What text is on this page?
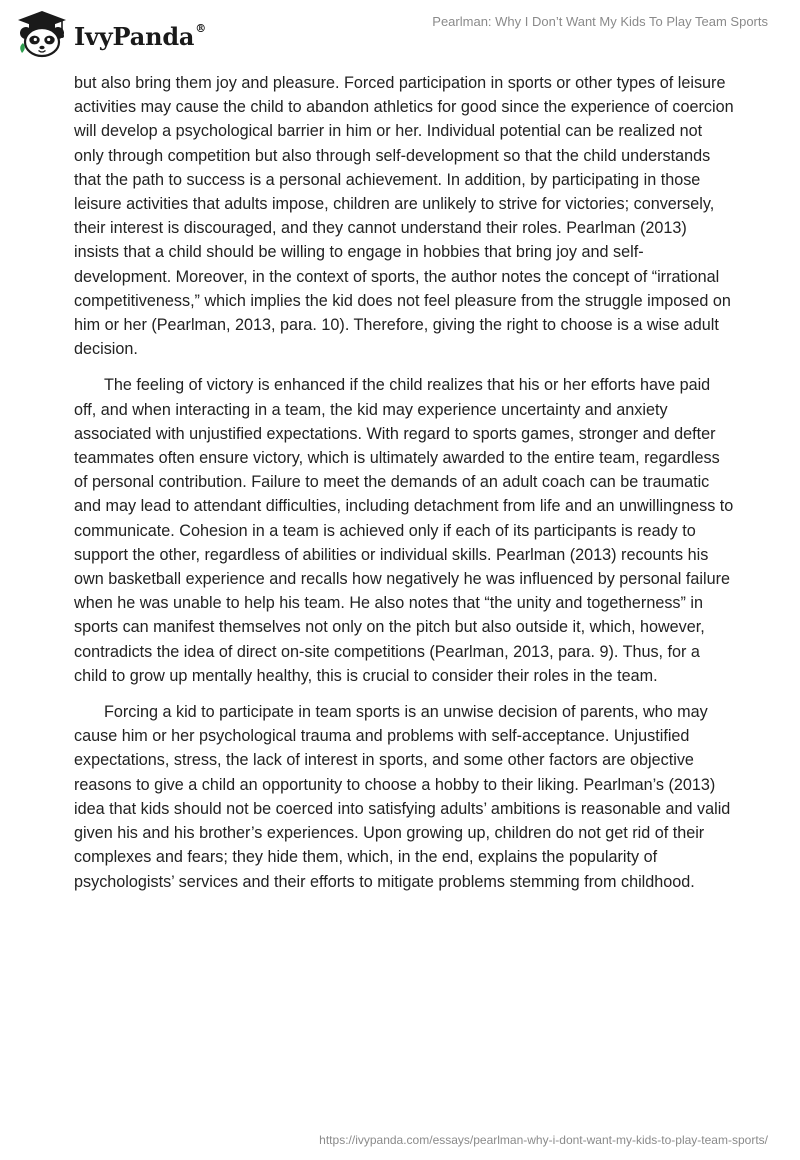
IvyPanda®	Pearlman: Why I Don’t Want My Kids To Play Team Sports

but also bring them joy and pleasure. Forced participation in sports or other types of leisure activities may cause the child to abandon athletics for good since the experience of coercion will develop a psychological barrier in him or her. Individual potential can be realized not only through competition but also through self-development so that the child understands that the path to success is a personal achievement. In addition, by participating in those leisure activities that adults impose, children are unlikely to strive for victories; conversely, their interest is discouraged, and they cannot understand their roles. Pearlman (2013) insists that a child should be willing to engage in hobbies that bring joy and self-development. Moreover, in the context of sports, the author notes the concept of “irrational competitiveness,” which implies the kid does not feel pleasure from the struggle imposed on him or her (Pearlman, 2013, para. 10). Therefore, giving the right to choose is a wise adult decision.

The feeling of victory is enhanced if the child realizes that his or her efforts have paid off, and when interacting in a team, the kid may experience uncertainty and anxiety associated with unjustified expectations. With regard to sports games, stronger and defter teammates often ensure victory, which is ultimately awarded to the entire team, regardless of personal contribution. Failure to meet the demands of an adult coach can be traumatic and may lead to attendant difficulties, including detachment from life and an unwillingness to communicate. Cohesion in a team is achieved only if each of its participants is ready to support the other, regardless of abilities or individual skills. Pearlman (2013) recounts his own basketball experience and recalls how negatively he was influenced by personal failure when he was unable to help his team. He also notes that “the unity and togetherness” in sports can manifest themselves not only on the pitch but also outside it, which, however, contradicts the idea of direct on-site competitions (Pearlman, 2013, para. 9). Thus, for a child to grow up mentally healthy, this is crucial to consider their roles in the team.

Forcing a kid to participate in team sports is an unwise decision of parents, who may cause him or her psychological trauma and problems with self-acceptance. Unjustified expectations, stress, the lack of interest in sports, and some other factors are objective reasons to give a child an opportunity to choose a hobby to their liking. Pearlman’s (2013) idea that kids should not be coerced into satisfying adults’ ambitions is reasonable and valid given his and his brother’s experiences. Upon growing up, children do not get rid of their complexes and fears; they hide them, which, in the end, explains the popularity of psychologists’ services and their efforts to mitigate problems stemming from childhood.

https://ivypanda.com/essays/pearlman-why-i-dont-want-my-kids-to-play-team-sports/
